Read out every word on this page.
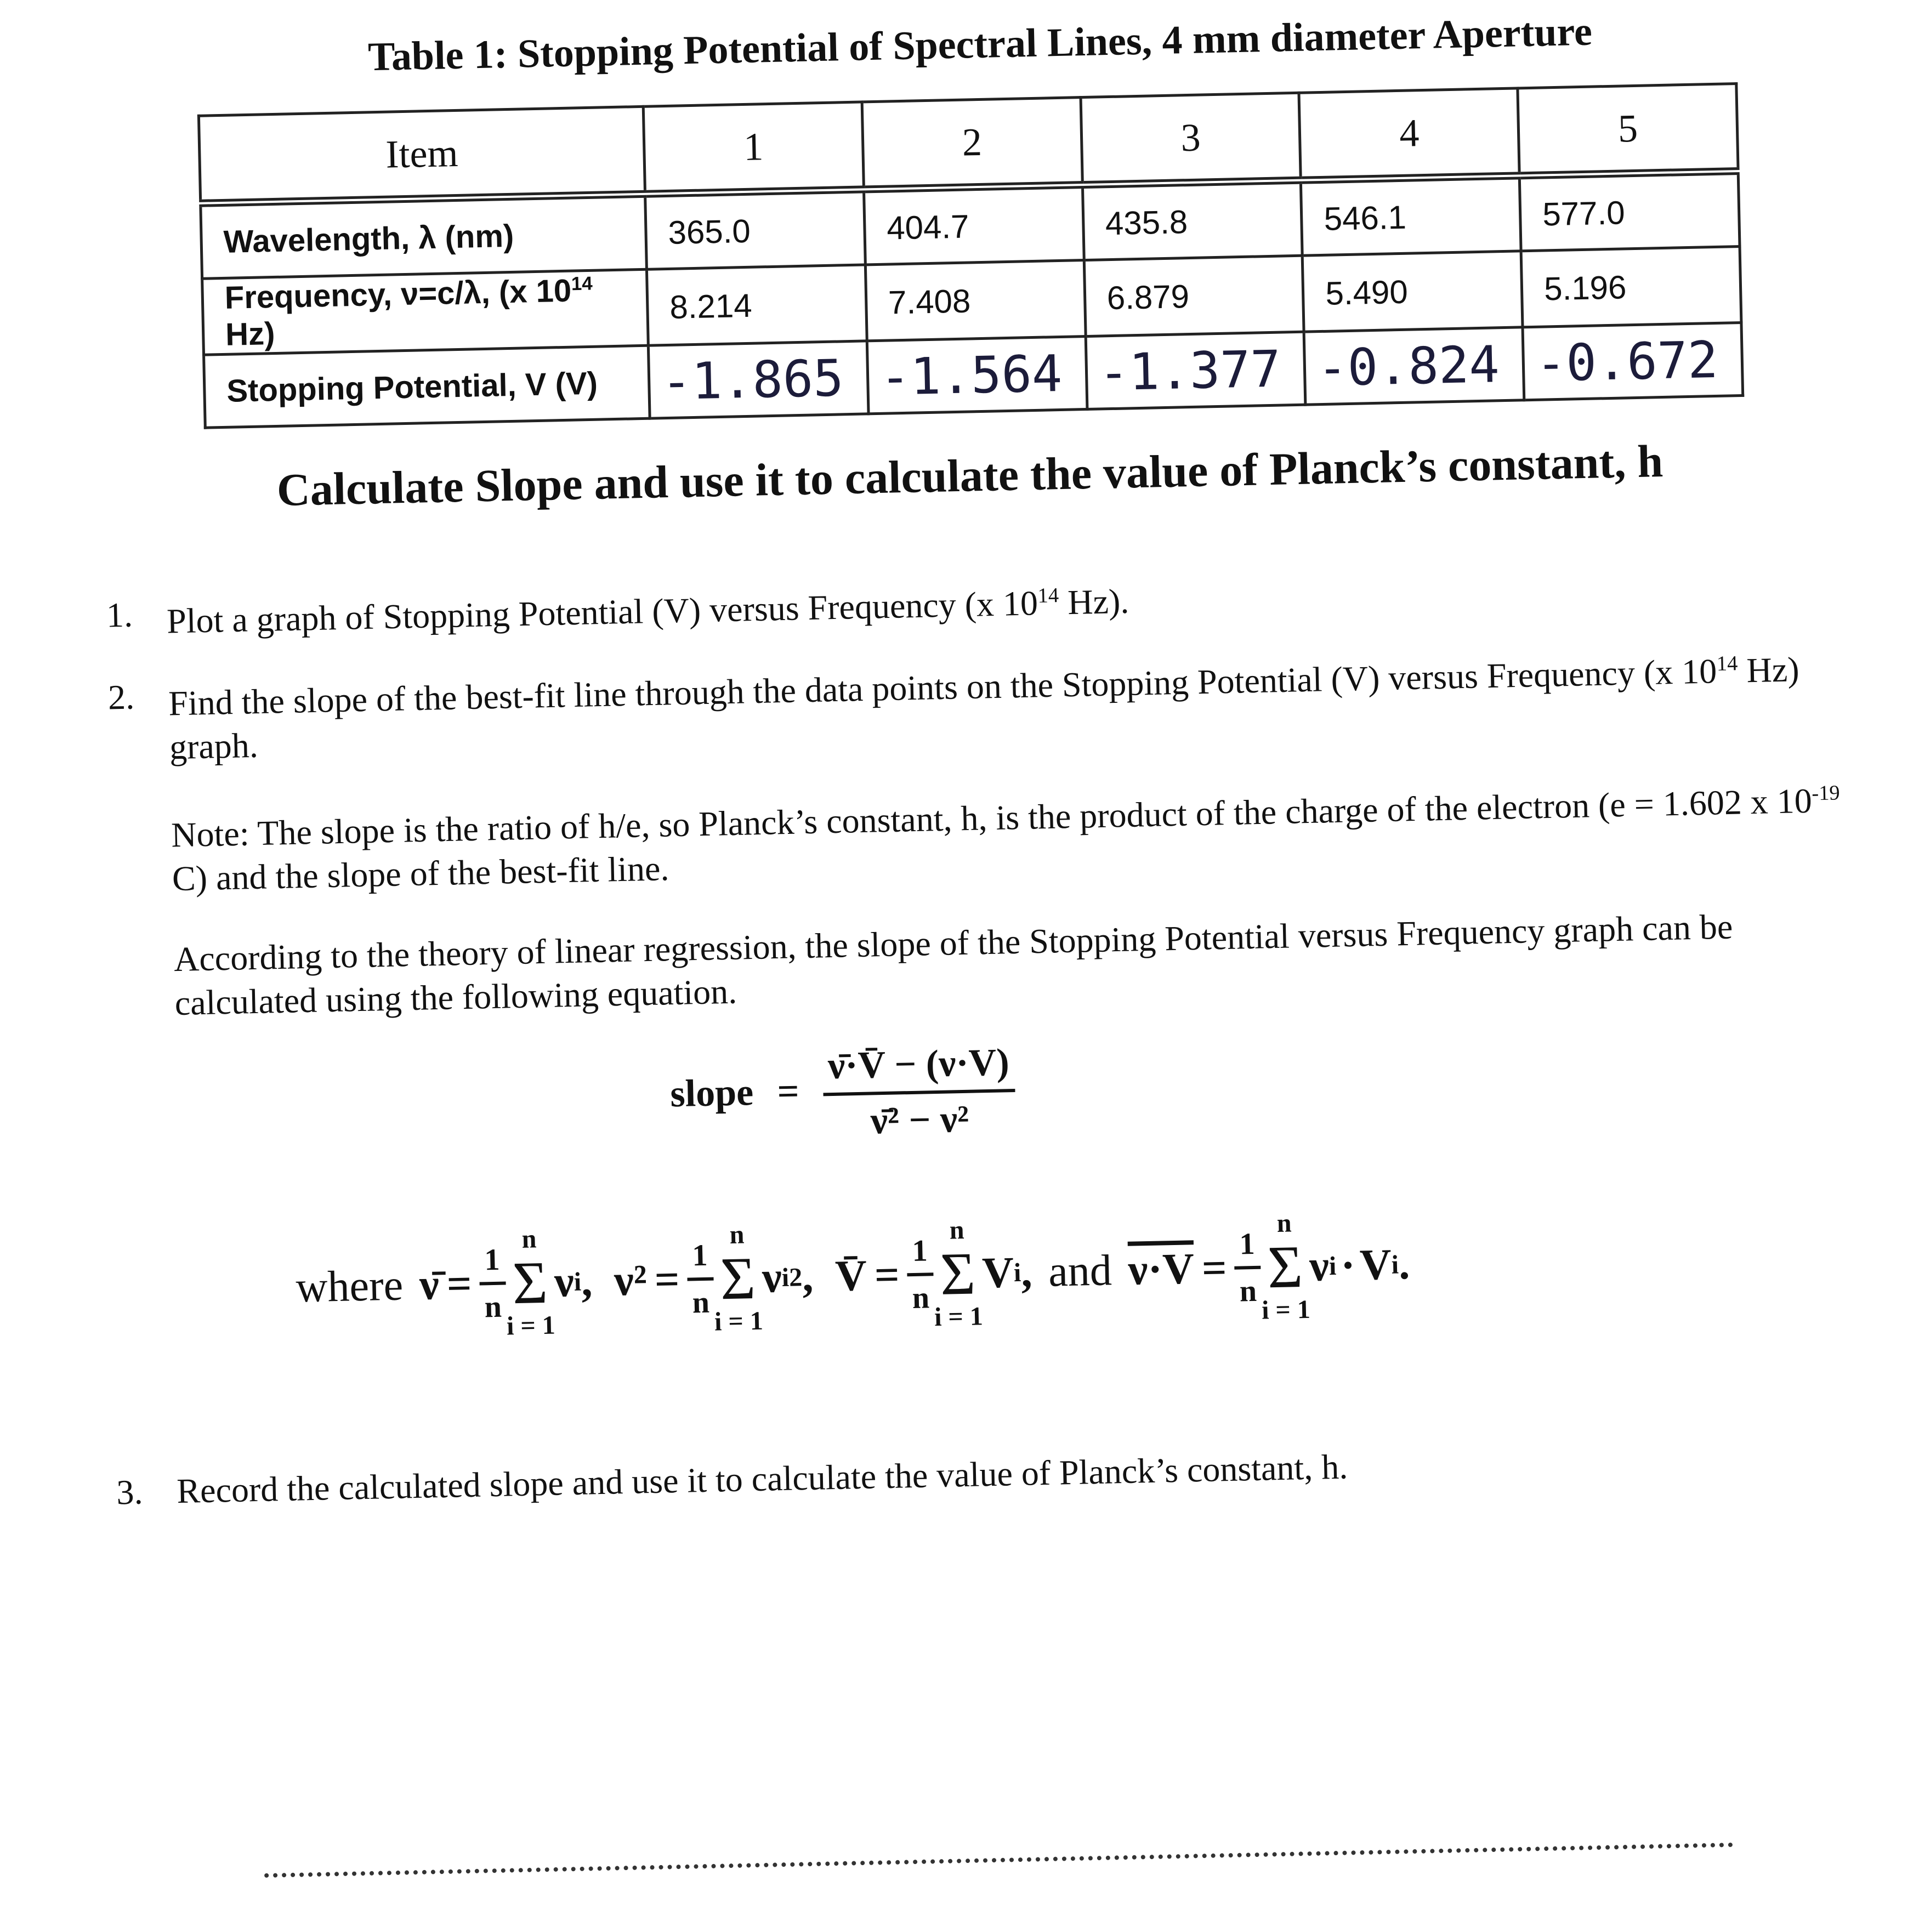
Table 1: Stopping Potential of Spectral Lines, 4 mm diameter Aperture
Item	1	2	3	4	5
Wavelength, λ (nm)	365.0	404.7	435.8	546.1	577.0
Frequency, ν=c/λ, (x $10^{14}$ Hz)	8.214	7.408	6.879	5.490	5.196
Stopping Potential, V (V)	-1.865	-1.564	-1.377	-0.824	-0.672
Calculate Slope and use it to calculate the value of Planck’s constant, h
1. Plot a graph of Stopping Potential (V) versus Frequency (x $10^{14}$ Hz).
2. Find the slope of the best-fit line through the data points on the Stopping Potential (V) versus Frequency (x $10^{14}$ Hz) graph.
Note: The slope is the ratio of h/e, so Planck’s constant, h, is the product of the charge of the electron (e = 1.602 x $10^{-19}$ C) and the slope of the best-fit line.
According to the theory of linear regression, the slope of the Stopping Potential versus Frequency graph can be calculated using the following equation.
slope = $\frac{\nū\cdot V̄ - (\nu\cdot V)}{\text{ν̄² − ν²}}$
where ν̄ = $\frac{1}{n}$
n
Σ
i = 1
ν
i
, $\nu^2 = \frac{1}{n}$
n
Σ
i = 1
ν
i
2
, V̄ = $\frac{1}{n}$
n
Σ
i = 1
V
i
, and $\nu\cdot V = \frac{1}{n}$
n
Σ
i = 1
ν
i · V
i
.
3. Record the calculated slope and use it to calculate the value of Planck’s constant, h.
